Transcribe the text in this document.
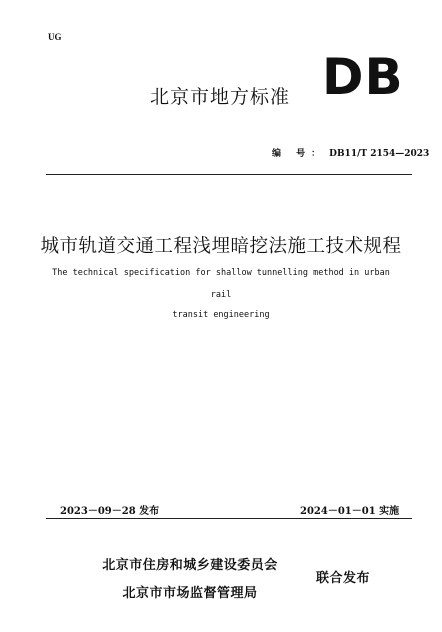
UG
北京市地方标准 DB
编 号： DB11/T 2154—2023
城市轨道交通工程浅埋暗挖法施工技术规程
The technical specification for shallow tunnelling method in urban
rail
transit engineering
2023－09－28 发布	2024－01－01 实施
北京市住房和城乡建设委员会
北京市市场监督管理局
联合发布
